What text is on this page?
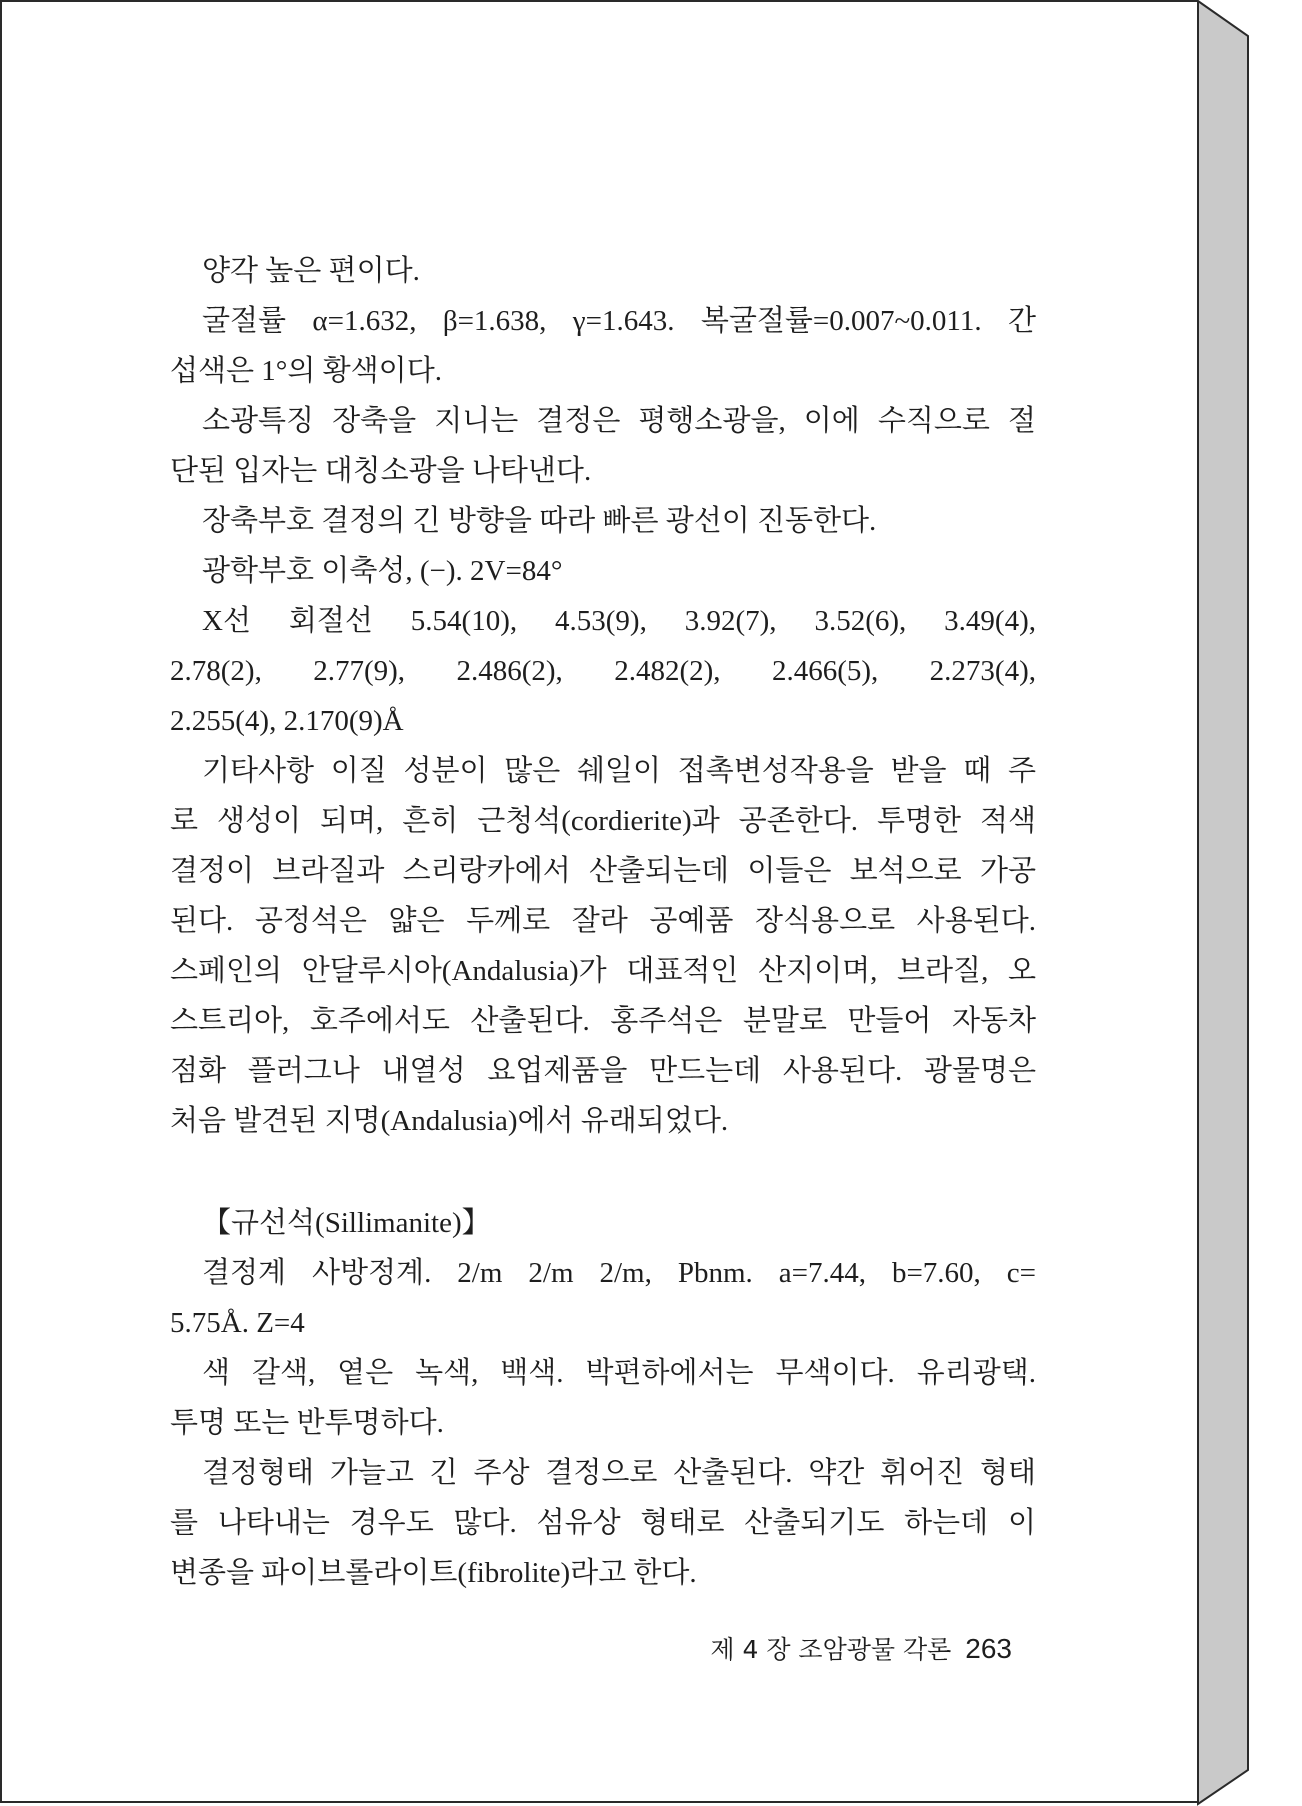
양각 높은 편이다.
굴절률 α=1.632, β=1.638, γ=1.643. 복굴절률=0.007~0.011. 간
섭색은 1°의 황색이다.
소광특징 장축을 지니는 결정은 평행소광을, 이에 수직으로 절
단된 입자는 대칭소광을 나타낸다.
장축부호 결정의 긴 방향을 따라 빠른 광선이 진동한다.
광학부호 이축성, (−). 2V=84°
X선 회절선 5.54(10), 4.53(9), 3.92(7), 3.52(6), 3.49(4),
2.78(2), 2.77(9), 2.486(2), 2.482(2), 2.466(5), 2.273(4),
2.255(4), 2.170(9)Å
기타사항 이질 성분이 많은 쉐일이 접촉변성작용을 받을 때 주
로 생성이 되며, 흔히 근청석(cordierite)과 공존한다. 투명한 적색
결정이 브라질과 스리랑카에서 산출되는데 이들은 보석으로 가공
된다. 공정석은 얇은 두께로 잘라 공예품 장식용으로 사용된다.
스페인의 안달루시아(Andalusia)가 대표적인 산지이며, 브라질, 오
스트리아, 호주에서도 산출된다. 홍주석은 분말로 만들어 자동차
점화 플러그나 내열성 요업제품을 만드는데 사용된다. 광물명은
처음 발견된 지명(Andalusia)에서 유래되었다.
【규선석(Sillimanite)】
결정계 사방정계. 2/m 2/m 2/m, Pbnm. a=7.44, b=7.60, c=
5.75Å. Z=4
색 갈색, 옅은 녹색, 백색. 박편하에서는 무색이다. 유리광택.
투명 또는 반투명하다.
결정형태 가늘고 긴 주상 결정으로 산출된다. 약간 휘어진 형태
를 나타내는 경우도 많다. 섬유상 형태로 산출되기도 하는데 이
변종을 파이브롤라이트(fibrolite)라고 한다.
제 4 장 조암광물 각론 263
